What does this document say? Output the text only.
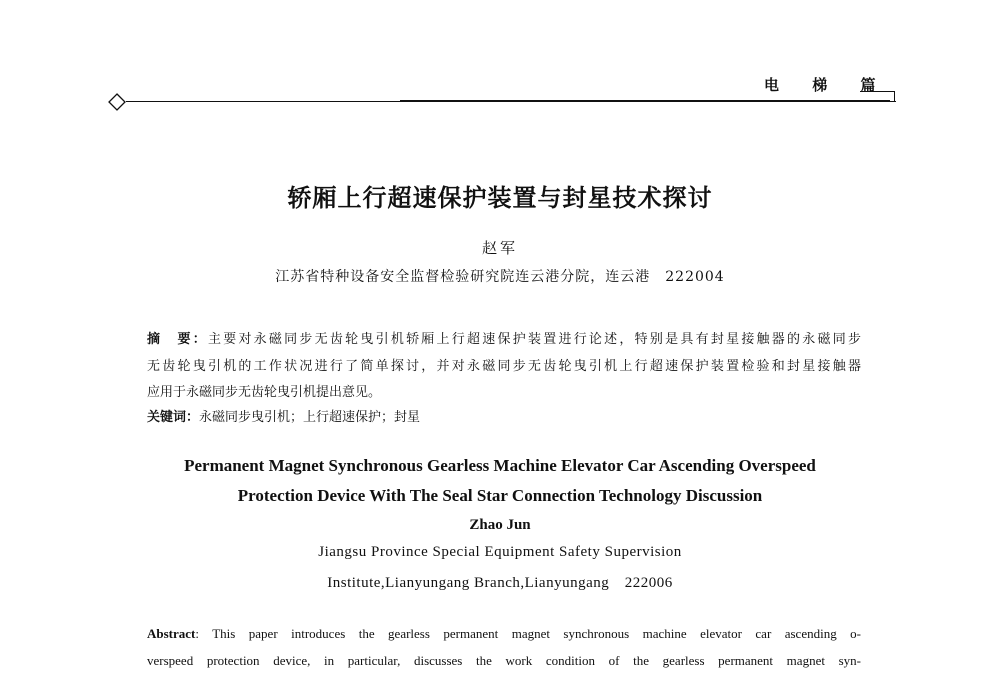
电 梯 篇
轿厢上行超速保护装置与封星技术探讨
赵军
江苏省特种设备安全监督检验研究院连云港分院，连云港　222004
摘　要：主要对永磁同步无齿轮曳引机轿厢上行超速保护装置进行论述，特别是具有封星接触器的永磁同步
无齿轮曳引机的工作状况进行了简单探讨，并对永磁同步无齿轮曳引机上行超速保护装置检验和封星接触器
应用于永磁同步无齿轮曳引机提出意见。
关键词：永磁同步曳引机；上行超速保护；封星
Permanent Magnet Synchronous Gearless Machine Elevator Car Ascending Overspeed
Protection Device With The Seal Star Connection Technology Discussion
Zhao Jun
Jiangsu Province Special Equipment Safety Supervision
Institute,Lianyungang Branch,Lianyungang　222006
Abstract: This paper introduces the gearless permanent magnet synchronous machine elevator car ascending o-
verspeed protection device, in particular, discusses the work condition of the gearless permanent magnet syn-
